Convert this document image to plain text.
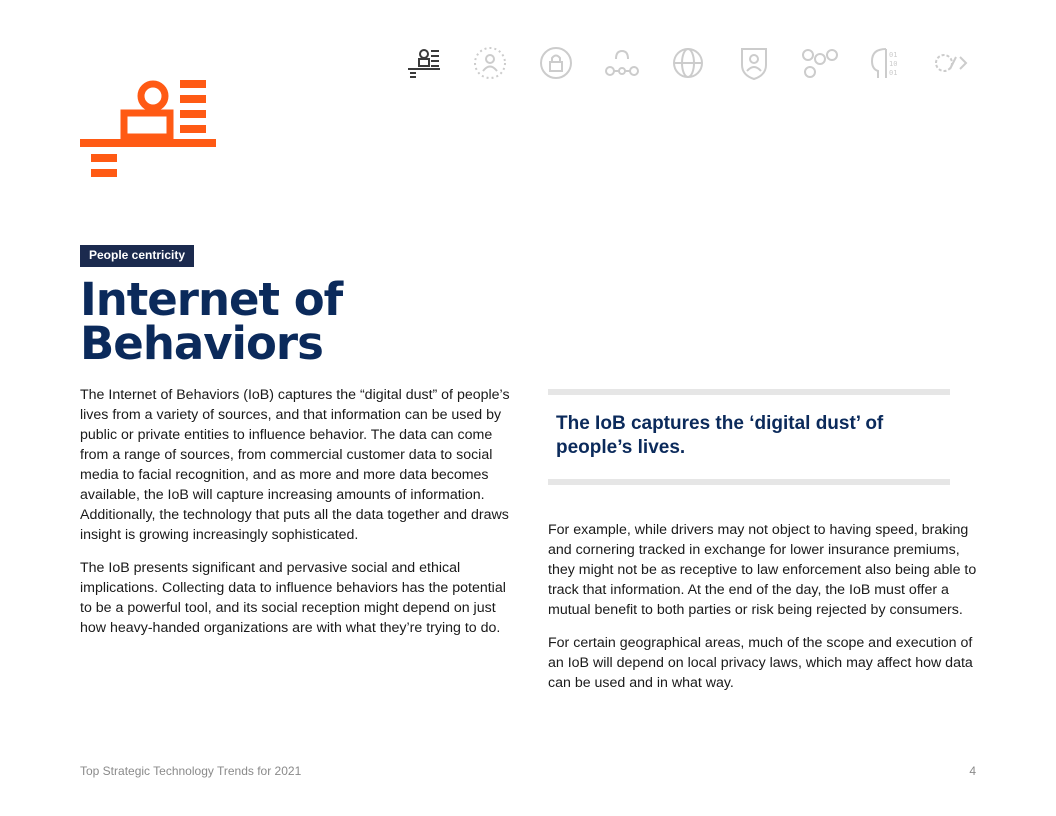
01
10
01
People centricity
Internet of
Behaviors

The Internet of Behaviors (IoB) captures the “digital dust” of people’s lives from a variety of sources, and that information can be used by public or private entities to influence behavior. The data can come from a range of sources, from commercial customer data to social media to facial recognition, and as more and more data becomes available, the IoB will capture increasing amounts of information. Additionally, the technology that puts all the data together and draws insight is growing increasingly sophisticated.

The IoB presents significant and pervasive social and ethical implications. Collecting data to influence behaviors has the potential to be a powerful tool, and its social reception might depend on just how heavy-handed organizations are with what they’re trying to do.

The IoB captures the ‘digital dust’ of people’s lives.

For example, while drivers may not object to having speed, braking and cornering tracked in exchange for lower insurance premiums, they might not be as receptive to law enforcement also being able to track that information. At the end of the day, the IoB must offer a mutual benefit to both parties or risk being rejected by consumers.

For certain geographical areas, much of the scope and execution of an IoB will depend on local privacy laws, which may affect how data can be used and in what way.

Top Strategic Technology Trends for 2021	4
